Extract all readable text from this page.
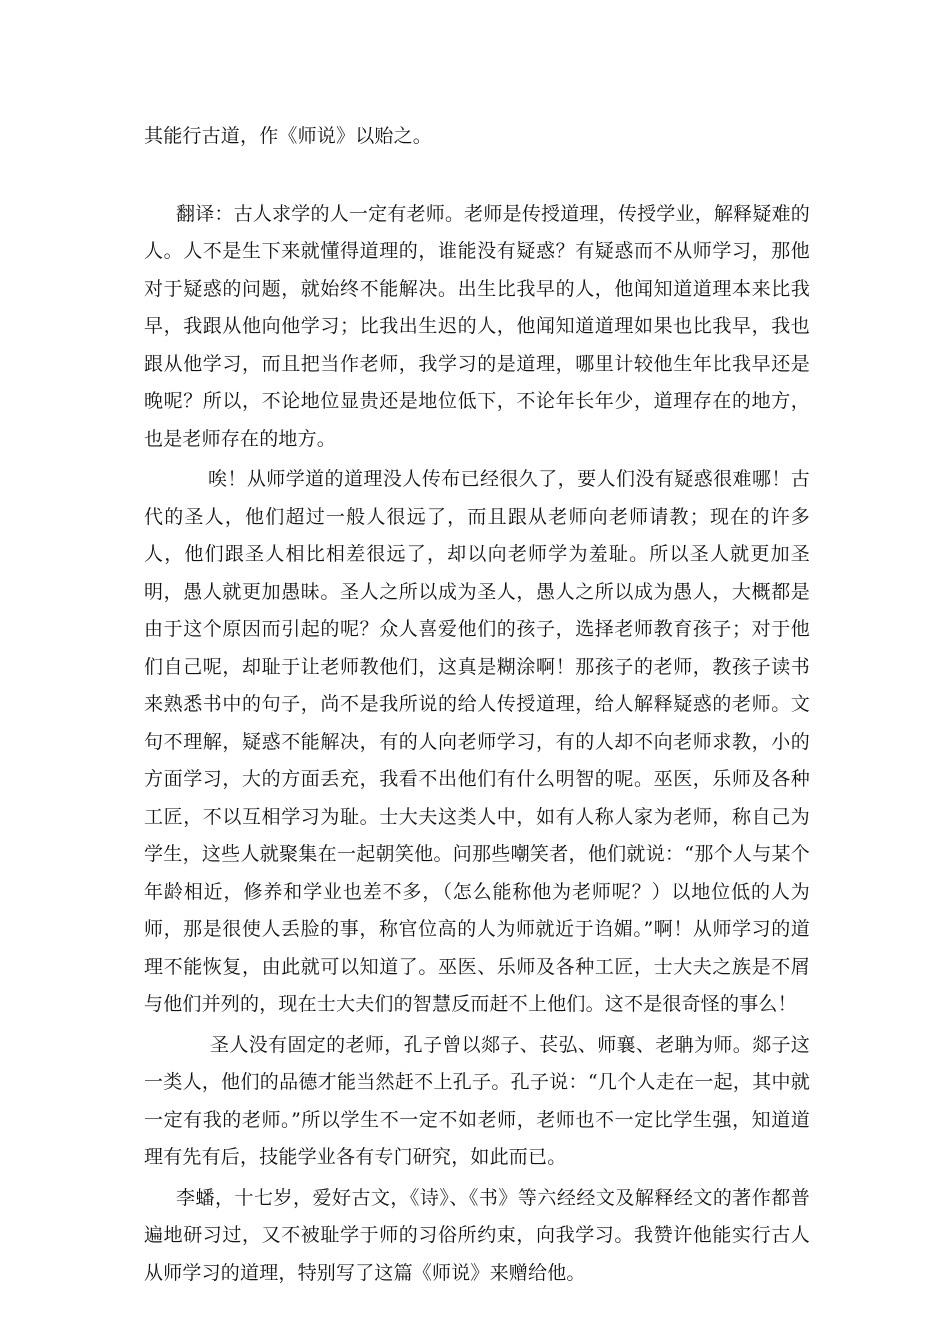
其能行古道，作《师说》以贻之。

翻译：古人求学的人一定有老师。老师是传授道理，传授学业，解释疑难的人。人不是生下来就懂得道理的，谁能没有疑惑？有疑惑而不从师学习，那他对于疑惑的问题，就始终不能解决。出生比我早的人，他闻知道道理本来比我早，我跟从他向他学习；比我出生迟的人，他闻知道道理如果也比我早，我也跟从他学习，而且把当作老师，我学习的是道理，哪里计较他生年比我早还是晚呢？所以，不论地位显贵还是地位低下，不论年长年少，道理存在的地方，也是老师存在的地方。

唉！从师学道的道理没人传布已经很久了，要人们没有疑惑很难哪！古代的圣人，他们超过一般人很远了，而且跟从老师向老师请教；现在的许多人，他们跟圣人相比相差很远了，却以向老师学为羞耻。所以圣人就更加圣明，愚人就更加愚昧。圣人之所以成为圣人，愚人之所以成为愚人，大概都是由于这个原因而引起的呢？众人喜爱他们的孩子，选择老师教育孩子；对于他们自己呢，却耻于让老师教他们，这真是糊涂啊！那孩子的老师，教孩子读书来熟悉书中的句子，尚不是我所说的给人传授道理，给人解释疑惑的老师。文句不理解，疑惑不能解决，有的人向老师学习，有的人却不向老师求教，小的方面学习，大的方面丢充，我看不出他们有什么明智的呢。巫医，乐师及各种工匠，不以互相学习为耻。士大夫这类人中，如有人称人家为老师，称自己为学生，这些人就聚集在一起朝笑他。问那些嘲笑者，他们就说：“那个人与某个年龄相近，修养和学业也差不多，（怎么能称他为老师呢？）以地位低的人为师，那是很使人丢脸的事，称官位高的人为师就近于诌媚。”啊！从师学习的道理不能恢复，由此就可以知道了。巫医、乐师及各种工匠，士大夫之族是不屑与他们并列的，现在士大夫们的智慧反而赶不上他们。这不是很奇怪的事么！

圣人没有固定的老师，孔子曾以郯子、苌弘、师襄、老聃为师。郯子这一类人，他们的品德才能当然赶不上孔子。孔子说：“几个人走在一起，其中就一定有我的老师。”所以学生不一定不如老师，老师也不一定比学生强，知道道理有先有后，技能学业各有专门研究，如此而已。

李蟠，十七岁，爱好古文，《诗》、《书》等六经经文及解释经文的著作都普遍地研习过，又不被耻学于师的习俗所约束，向我学习。我赞许他能实行古人从师学习的道理，特别写了这篇《师说》来赠给他。
